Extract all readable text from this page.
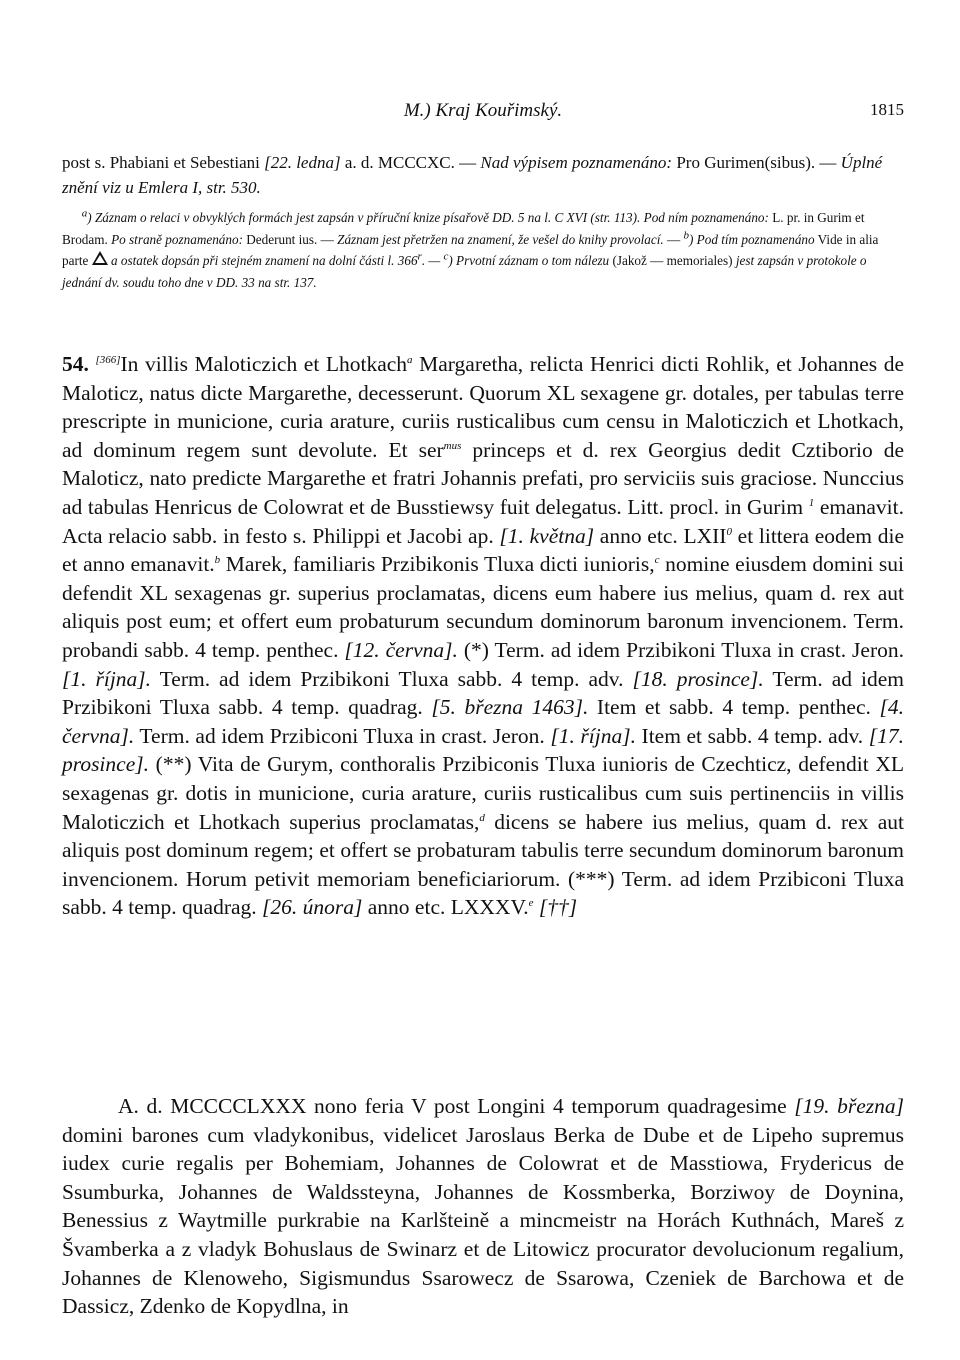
M.) Kraj Kouřimský.	1815

post s. Phabiani et Sebestiani [22. ledna] a. d. MCCCXC. — Nad výpisem poznamenáno: Pro Gurimen(sibus). — Úplné znění viz u Emlera I, str. 530.

$^a$) Záznam o relaci v obvyklých formách jest zapsán v příruční knize písařově DD. 5 na l. C XVI (str. 113). Pod ním poznamenáno: L. pr. in Gurim et Brodam. Po straně poznamenáno: Dederunt ius. — Záznam jest přetržen na znamení, že vešel do knihy provolací. — $^b$) Pod tím poznamenáno Vide in alia parte  a ostatek dopsán při stejném znamení na dolní části l. 366$^r$. — $^c$) Prvotní záznam o tom nálezu (Jakož — memoriales) jest zapsán v protokole o jednání dv. soudu toho dne v DD. 33 na str. 137.

54. [366]In villis Maloticzich et Lhotkach$^a$ Margaretha, relicta Henrici dicti Rohlik, et Johannes de Maloticz, natus dicte Margarethe, decesserunt. Quorum XL sexagene gr. dotales, per tabulas terre prescripte in municione, curia arature, curiis rusticalibus cum censu in Maloticzich et Lhotkach, ad dominum regem sunt devolute. Et ser$^{mus}$ princeps et d. rex Georgius dedit Cztiborio de Maloticz, nato predicte Margarethe et fratri Johannis prefati, pro serviciis suis graciose. Nunccius ad tabulas Henricus de Colowrat et de Busstiewsy fuit delegatus. Litt. procl. in Gurim $^1$ emanavit. Acta relacio sabb. in festo s. Philippi et Jacobi ap. [1. května] anno etc. LXII$^0$ et littera eodem die et anno emanavit.$^b$ Marek, familiaris Przibikonis Tluxa dicti iunioris,$^c$ nomine eiusdem domini sui defendit XL sexagenas gr. superius proclamatas, dicens eum habere ius melius, quam d. rex aut aliquis post eum; et offert eum probaturum secundum dominorum baronum invencionem. Term. probandi sabb. 4 temp. penthec. [12. června]. (*) Term. ad idem Przibikoni Tluxa in crast. Jeron. [1. října]. Term. ad idem Przibikoni Tluxa sabb. 4 temp. adv. [18. prosince]. Term. ad idem Przibikoni Tluxa sabb. 4 temp. quadrag. [5. března 1463]. Item et sabb. 4 temp. penthec. [4. června]. Term. ad idem Przibiconi Tluxa in crast. Jeron. [1. října]. Item et sabb. 4 temp. adv. [17. prosince]. (**) Vita de Gurym, conthoralis Przibiconis Tluxa iunioris de Czechticz, defendit XL sexagenas gr. dotis in municione, curia arature, curiis rusticalibus cum suis pertinenciis in villis Maloticzich et Lhotkach superius proclamatas,$^d$ dicens se habere ius melius, quam d. rex aut aliquis post dominum regem; et offert se probaturam tabulis terre secundum dominorum baronum invencionem. Horum petivit memoriam beneficiariorum. (***) Term. ad idem Przibiconi Tluxa sabb. 4 temp. quadrag. [26. února] anno etc. LXXXV.$^e$ [††]

A. d. MCCCCLXXX nono feria V post Longini 4 temporum quadragesime [19. března] domini barones cum vladykonibus, videlicet Jaroslaus Berka de Dube et de Lipeho supremus iudex curie regalis per Bohemiam, Johannes de Colowrat et de Masstiowa, Frydericus de Ssumburka, Johannes de Waldssteyna, Johannes de Kossmberka, Borziwoy de Doynina, Benessius z Waytmille purkrabie na Karlšteině a mincmeistr na Horách Kuthnách, Mareš z Švamberka a z vladyk Bohuslaus de Swinarz et de Litowicz procurator devolucionum regalium, Johannes de Klenoweho, Sigismundus Ssarowecz de Ssarowa, Czeniek de Barchowa et de Dassicz, Zdenko de Kopydlna, in
